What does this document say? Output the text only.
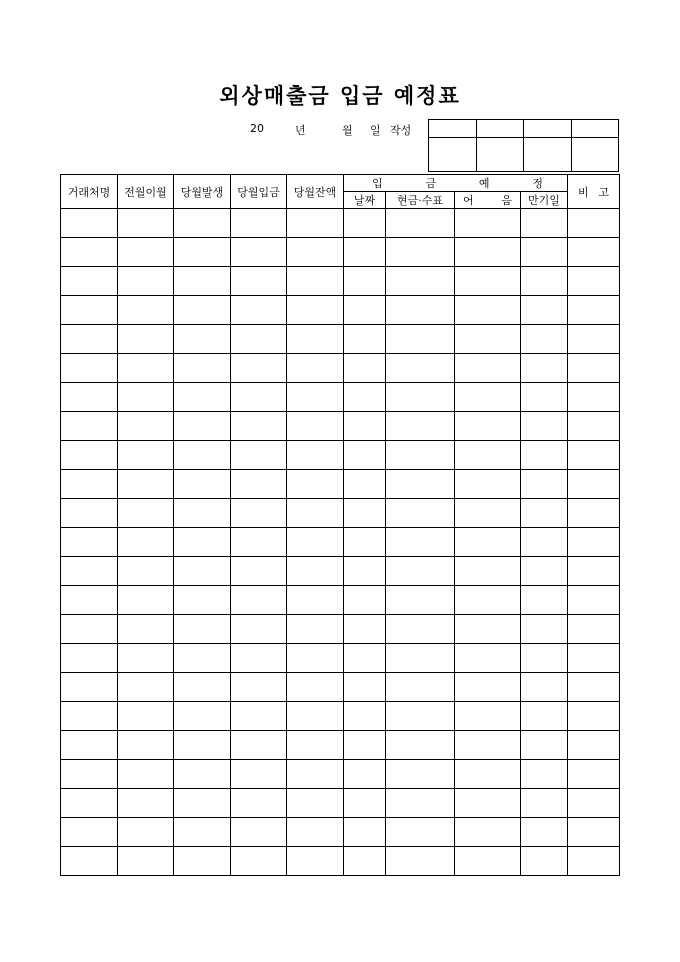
외상매출금 입금 예정표
20	년	월 일 작성

거래처명	전월이월	당월발생	당월입금	당월잔액	입 금 예 정				비 고

					날짜	현금·수표	어 음	만기일	
